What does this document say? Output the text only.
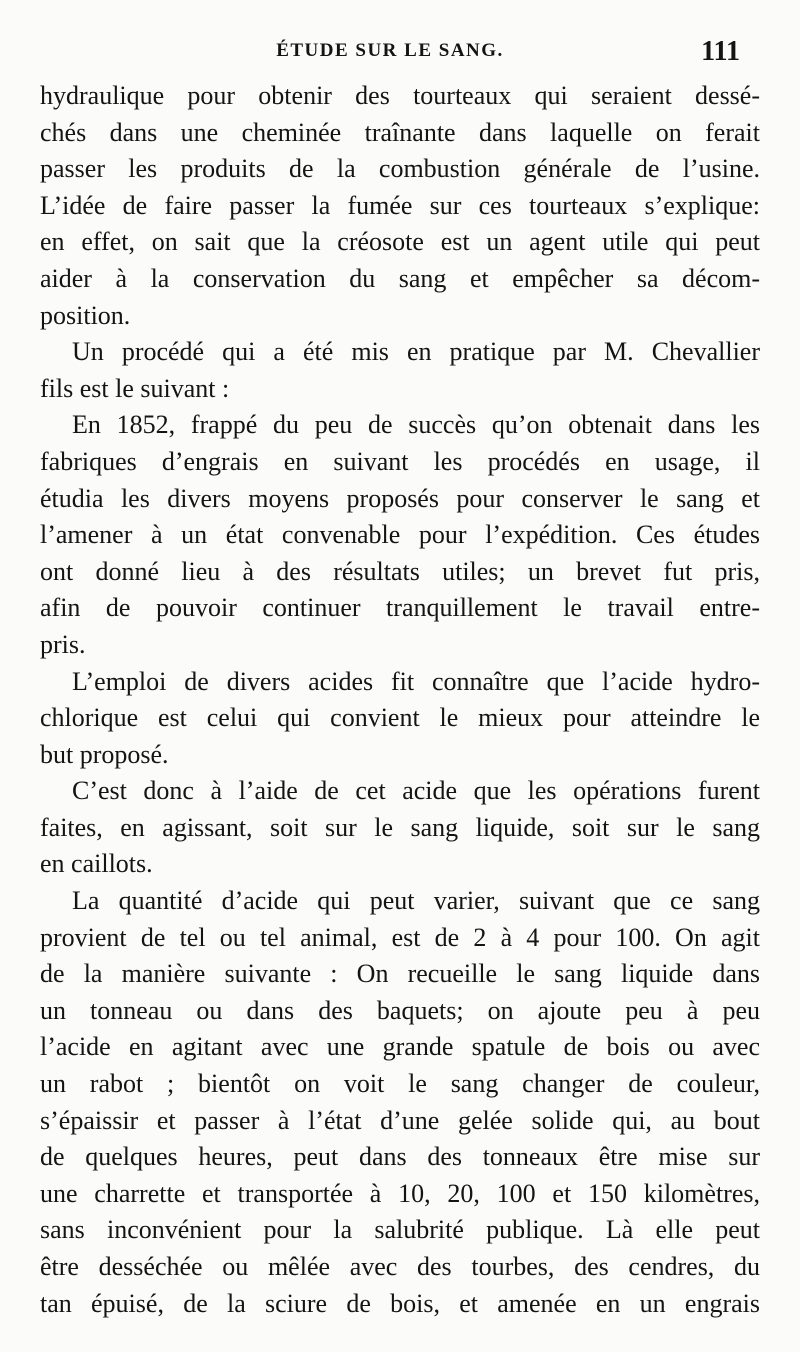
ÉTUDE SUR LE SANG.	111

hydraulique pour obtenir des tourteaux qui seraient dessé-
chés dans une cheminée traînante dans laquelle on ferait
passer les produits de la combustion générale de l’usine.
L’idée de faire passer la fumée sur ces tourteaux s’explique:
en effet, on sait que la créosote est un agent utile qui peut
aider à la conservation du sang et empêcher sa décom-
position.

Un procédé qui a été mis en pratique par M. Chevallier
fils est le suivant :

En 1852, frappé du peu de succès qu’on obtenait dans les
fabriques d’engrais en suivant les procédés en usage, il
étudia les divers moyens proposés pour conserver le sang et
l’amener à un état convenable pour l’expédition. Ces études
ont donné lieu à des résultats utiles; un brevet fut pris,
afin de pouvoir continuer tranquillement le travail entre-
pris.

L’emploi de divers acides fit connaître que l’acide hydro-
chlorique est celui qui convient le mieux pour atteindre le
but proposé.

C’est donc à l’aide de cet acide que les opérations furent
faites, en agissant, soit sur le sang liquide, soit sur le sang
en caillots.

La quantité d’acide qui peut varier, suivant que ce sang
provient de tel ou tel animal, est de 2 à 4 pour 100. On agit
de la manière suivante : On recueille le sang liquide dans
un tonneau ou dans des baquets; on ajoute peu à peu
l’acide en agitant avec une grande spatule de bois ou avec
un rabot ; bientôt on voit le sang changer de couleur,
s’épaissir et passer à l’état d’une gelée solide qui, au bout
de quelques heures, peut dans des tonneaux être mise sur
une charrette et transportée à 10, 20, 100 et 150 kilomètres,
sans inconvénient pour la salubrité publique. Là elle peut
être desséchée ou mêlée avec des tourbes, des cendres, du
tan épuisé, de la sciure de bois, et amenée en un engrais
